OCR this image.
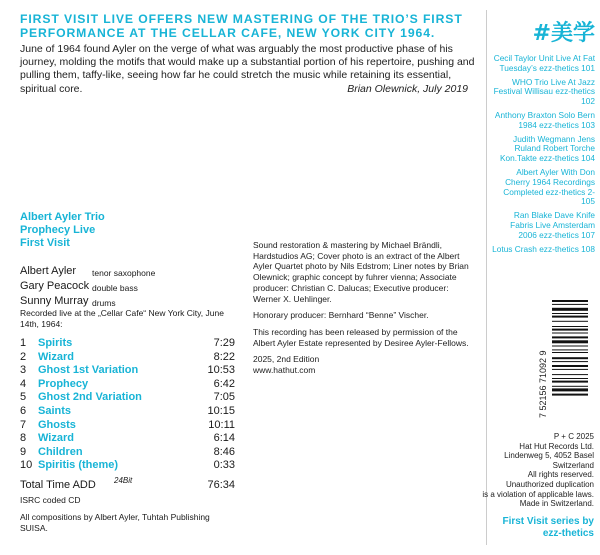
FIRST VISIT LIVE OFFERS NEW MASTERING OF THE TRIO’S FIRST PERFORMANCE AT THE CELLAR CAFE, NEW YORK CITY 1964.

June of 1964 found Ayler on the verge of what was arguably the most productive phase of his journey, molding the motifs that would make up a substantial portion of his repertoire, pushing and pulling them, taffy-like, seeing how far he could stretch the music while retaining its essential, spiritual core.	Brian Olewnick, July 2019
Albert Ayler Trio
Prophecy Live
First Visit
Albert Ayler	tenor saxophone
Gary Peacock double bass
Sunny Murray drums
Recorded live at the „Cellar Cafe“ New York City, June 14th, 1964:
1	Spirits	7:29
2	Wizard	8:22
3	Ghost 1st Variation	10:53
4	Prophecy	6:42
5	Ghost 2nd Variation	7:05
6	Saints	10:15
7	Ghosts	10:11
8	Wizard	6:14
9	Children	8:46
10	Spiritis (theme)	0:33
Total Time ADD	76:34
24Bit
ISRC coded CD
All compositions by Albert Ayler, Tuhtah Publishing SUISA.

Sound restoration & mastering by Michael Brändli, Hardstudios AG; Cover photo is an extract of the Albert Ayler Quartet photo by Nils Edstrom; Liner notes by Brian Olewnick; graphic concept by fuhrer vienna; Associate producer: Christian C. Dalucas; Executive producer: Werner X. Uehlinger.

Honorary producer: Bernhard “Benne” Vischer.

This recording has been released by permission of the Albert Ayler Estate represented by Desiree Ayler-Fellows.

2025, 2nd Edition

www.hathut.com

#美学
Cecil Taylor Unit Live At Fat Tuesday’s ezz-thetics 101
WHO Trio Live At Jazz Festival Willisau ezz-thetics 102
Anthony Braxton Solo Bern 1984 ezz-thetics 103
Judith Wegmann Jens Ruland Robert Torche Kon.Takte ezz-thetics 104
Albert Ayler With Don Cherry 1964 Recordings Completed ezz-thetics 2-105
Ran Blake Dave Knife Fabris Live Amsterdam 2006 ezz-thetics 107
Lotus Crash ezz-thetics 108
7 52156 71092 9
P + C 2025
Hat Hut Records Ltd.
Lindenweg 5, 4052 Basel
Switzerland
All rights reserved.
Unauthorized duplication
is a violation of applicable laws.
Made in Switzerland.
First Visit series by
ezz-thetics
